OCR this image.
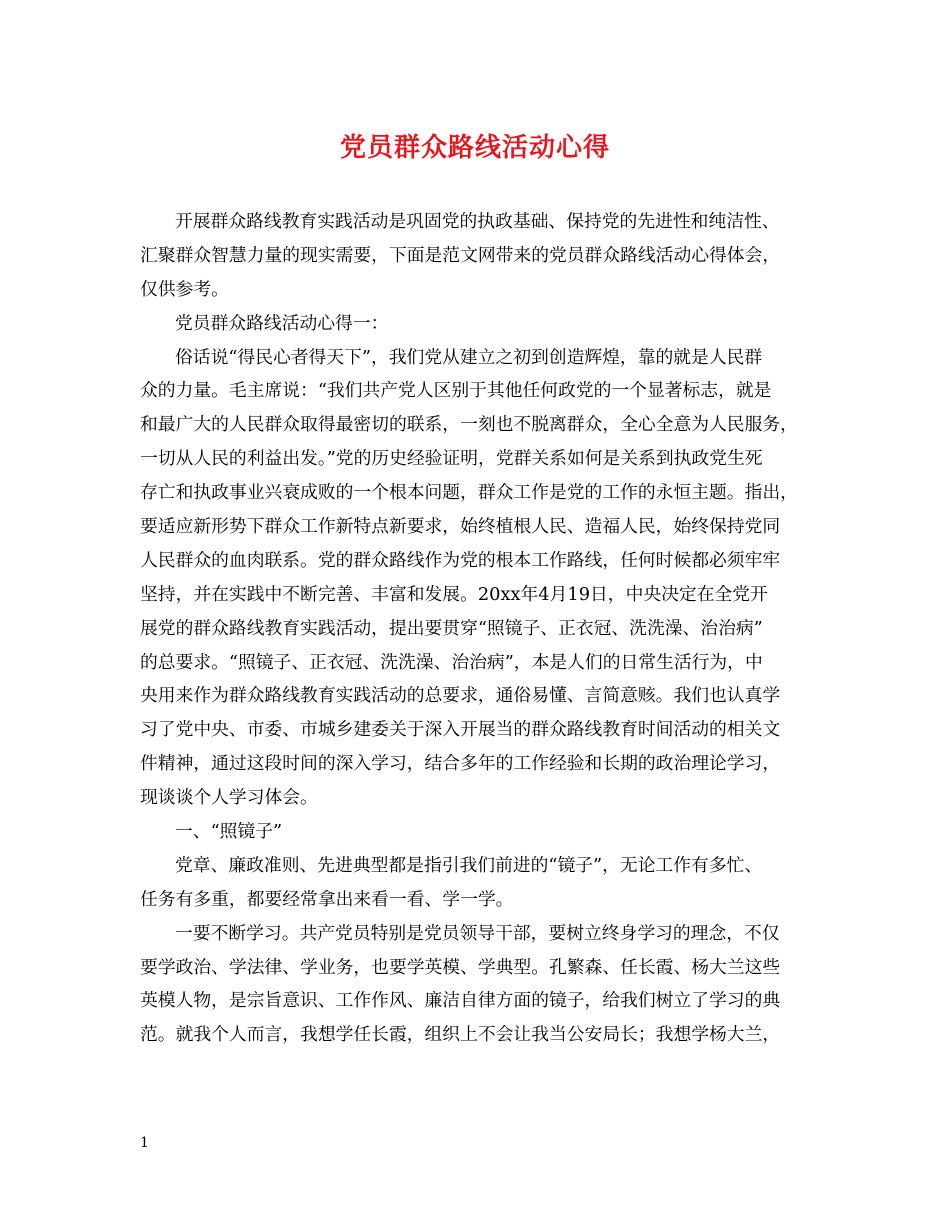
党员群众路线活动心得
开展群众路线教育实践活动是巩固党的执政基础、保持党的先进性和纯洁性、
汇聚群众智慧力量的现实需要，下面是范文网带来的党员群众路线活动心得体会，
仅供参考。
党员群众路线活动心得一：
俗话说“得民心者得天下”，我们党从建立之初到创造辉煌，靠的就是人民群
众的力量。毛主席说：“我们共产党人区别于其他任何政党的一个显著标志，就是
和最广大的人民群众取得最密切的联系，一刻也不脱离群众，全心全意为人民服务，
一切从人民的利益出发。”党的历史经验证明，党群关系如何是关系到执政党生死
存亡和执政事业兴衰成败的一个根本问题，群众工作是党的工作的永恒主题。指出，
要适应新形势下群众工作新特点新要求，始终植根人民、造福人民，始终保持党同
人民群众的血肉联系。党的群众路线作为党的根本工作路线，任何时候都必须牢牢
坚持，并在实践中不断完善、丰富和发展。20xx年4月19日，中央决定在全党开
展党的群众路线教育实践活动，提出要贯穿“照镜子、正衣冠、洗洗澡、治治病”
的总要求。“照镜子、正衣冠、洗洗澡、治治病”，本是人们的日常生活行为，中
央用来作为群众路线教育实践活动的总要求，通俗易懂、言简意赅。我们也认真学
习了党中央、市委、市城乡建委关于深入开展当的群众路线教育时间活动的相关文
件精神，通过这段时间的深入学习，结合多年的工作经验和长期的政治理论学习，
现谈谈个人学习体会。
一、“照镜子”
党章、廉政准则、先进典型都是指引我们前进的“镜子”，无论工作有多忙、
任务有多重，都要经常拿出来看一看、学一学。
一要不断学习。共产党员特别是党员领导干部，要树立终身学习的理念，不仅
要学政治、学法律、学业务，也要学英模、学典型。孔繁森、任长霞、杨大兰这些
英模人物，是宗旨意识、工作作风、廉洁自律方面的镜子，给我们树立了学习的典
范。就我个人而言，我想学任长霞，组织上不会让我当公安局长；我想学杨大兰，
1
